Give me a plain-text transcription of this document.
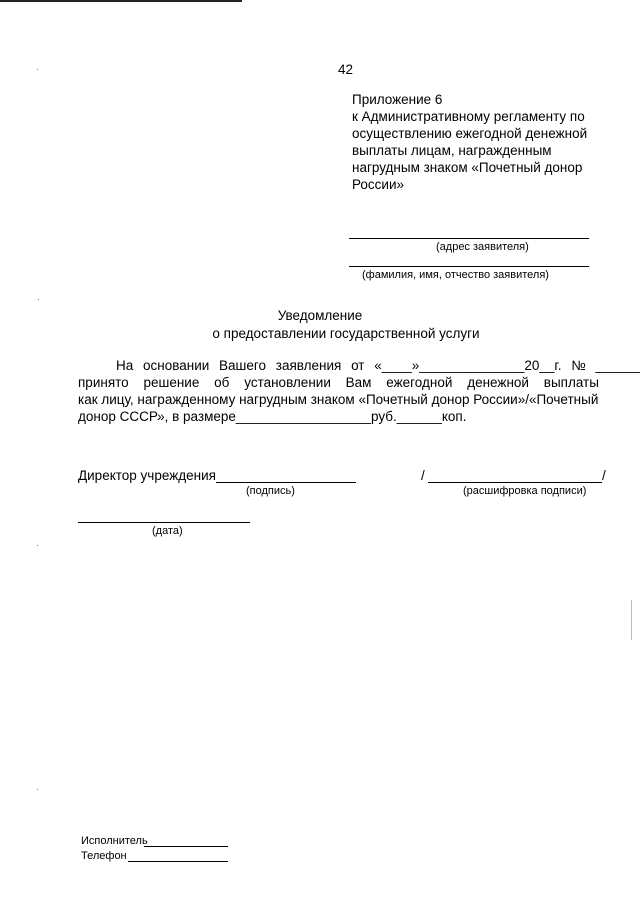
42
Приложение 6
к Административному регламенту по
осуществлению ежегодной денежной
выплаты лицам, награжденным
нагрудным знаком «Почетный донор
России»
(адрес заявителя)
(фамилия, имя, отчество заявителя)
Уведомление
о предоставлении государственной услуги
На основании Вашего заявления от «____»______________20__г. № ______
принято решение об установлении Вам ежегодной денежной выплаты
как лицу, награжденному нагрудным знаком «Почетный донор России»/«Почетный
донор СССР», в размере__________________руб.______коп.
Директор учреждения
(подпись)
/	/
(расшифровка подписи)
(дата)
Исполнитель
Телефон
